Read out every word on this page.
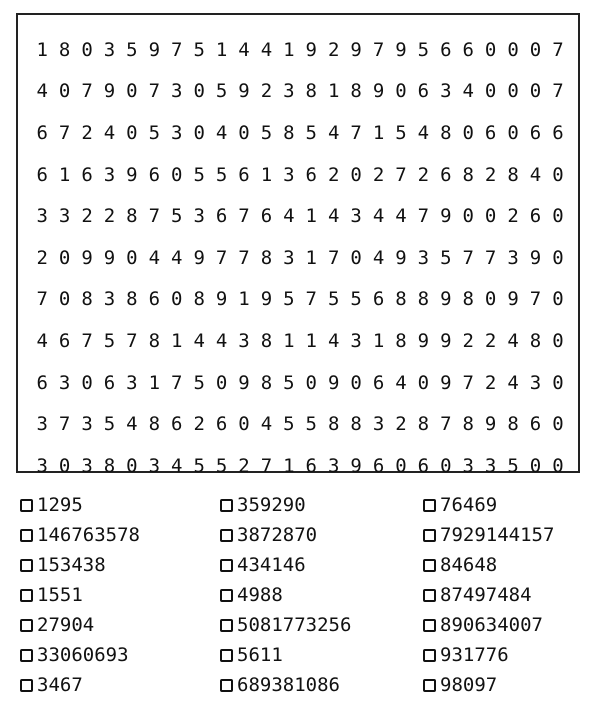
1 8 0 3 5 9 7 5 1 4 4 1 9 2 9 7 9 5 6 6 0 0 0 7
4 0 7 9 0 7 3 0 5 9 2 3 8 1 8 9 0 6 3 4 0 0 0 7
6 7 2 4 0 5 3 0 4 0 5 8 5 4 7 1 5 4 8 0 6 0 6 6
6 1 6 3 9 6 0 5 5 6 1 3 6 2 0 2 7 2 6 8 2 8 4 0
3 3 2 2 8 7 5 3 6 7 6 4 1 4 3 4 4 7 9 0 0 2 6 0
2 0 9 9 0 4 4 9 7 7 8 3 1 7 0 4 9 3 5 7 7 3 9 0
7 0 8 3 8 6 0 8 9 1 9 5 7 5 5 6 8 8 9 8 0 9 7 0
4 6 7 5 7 8 1 4 4 3 8 1 1 4 3 1 8 9 9 2 2 4 8 0
6 3 0 6 3 1 7 5 0 9 8 5 0 9 0 6 4 0 9 7 2 4 3 0
3 7 3 5 4 8 6 2 6 0 4 5 5 8 8 3 2 8 7 8 9 8 6 0
3 0 3 8 0 3 4 5 5 2 7 1 6 3 9 6 0 6 0 3 3 5 0 0
1295
146763578
153438
1551
27904
33060693
3467
359290
3872870
434146
4988
5081773256
5611
689381086
76469
7929144157
84648
87497484
890634007
931776
98097
